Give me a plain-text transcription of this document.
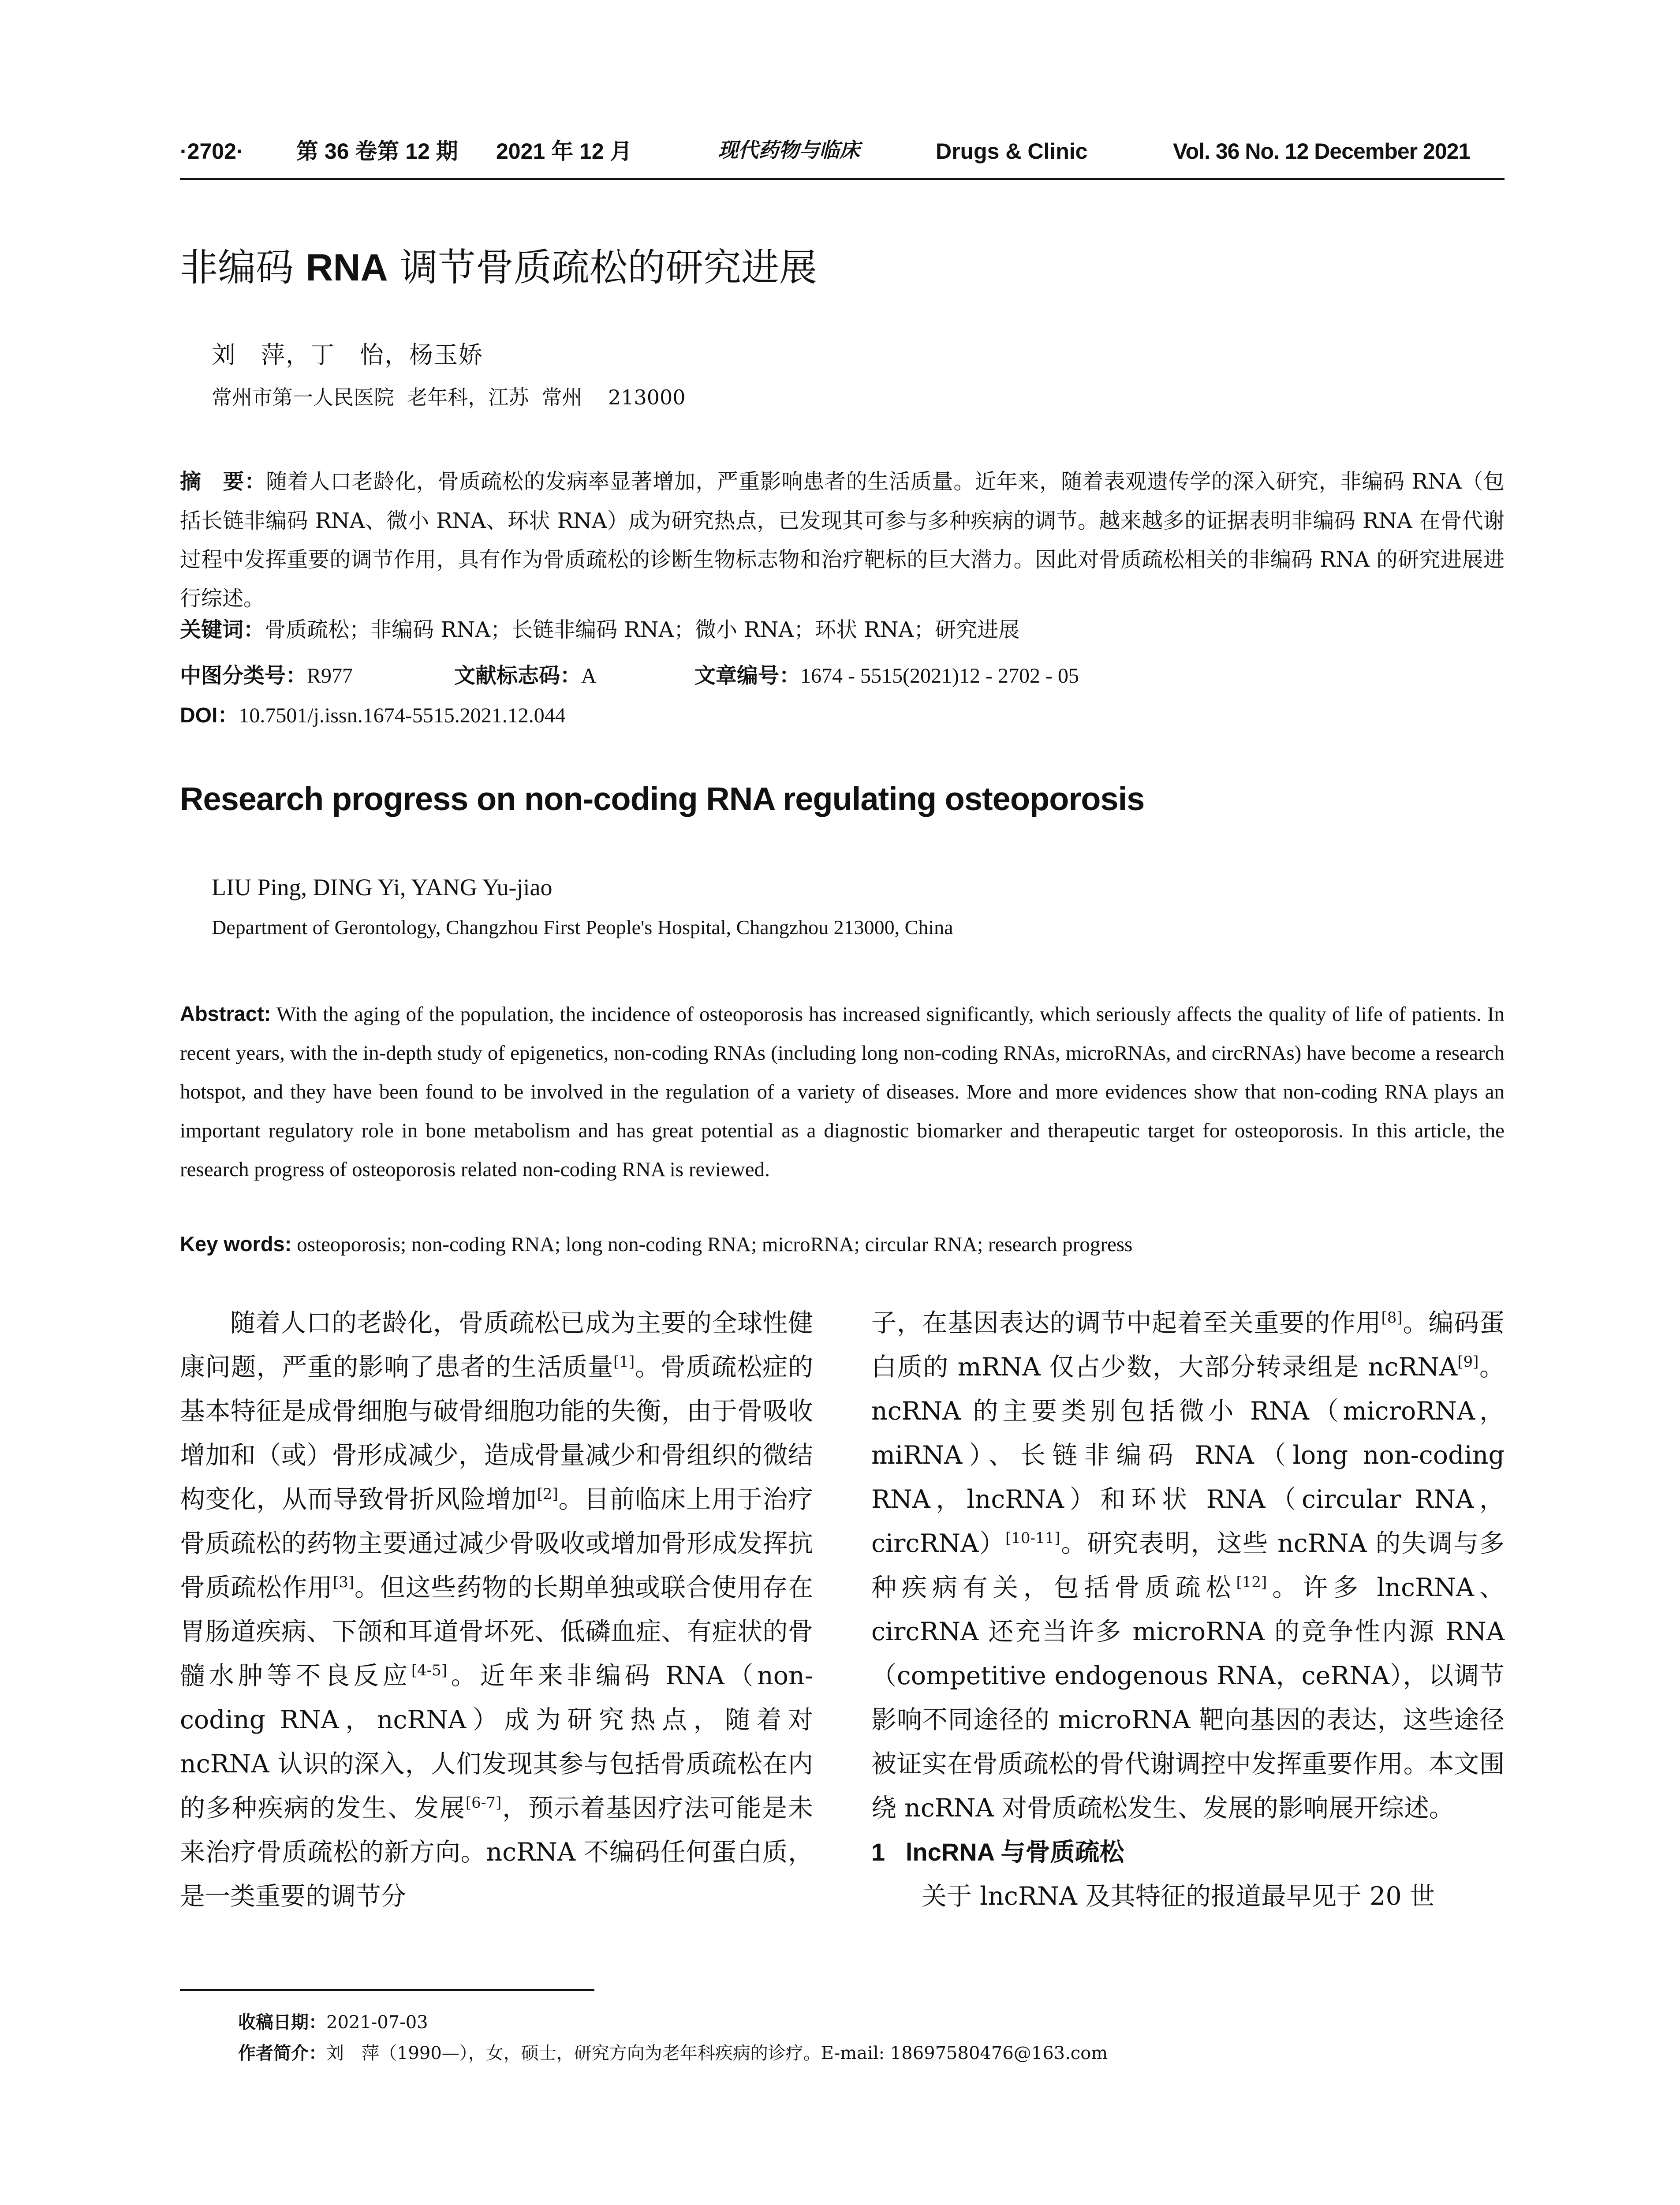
·2702· 第 36 卷第 12 期 2021 年 12 月	现代药物与临床	Drugs & Clinic	Vol. 36 No. 12 December 2021
非编码 RNA 调节骨质疏松的研究进展
刘　萍，丁　怡，杨玉娇
常州市第一人民医院  老年科，江苏  常州    213000
摘　要：随着人口老龄化，骨质疏松的发病率显著增加，严重影响患者的生活质量。近年来，随着表观遗传学的深入研究，非编码 RNA（包括长链非编码 RNA、微小 RNA、环状 RNA）成为研究热点，已发现其可参与多种疾病的调节。越来越多的证据表明非编码 RNA 在骨代谢过程中发挥重要的调节作用，具有作为骨质疏松的诊断生物标志物和治疗靶标的巨大潜力。因此对骨质疏松相关的非编码 RNA 的研究进展进行综述。
关键词：骨质疏松；非编码 RNA；长链非编码 RNA；微小 RNA；环状 RNA；研究进展
中图分类号：R977	文献标志码：A	文章编号：1674 - 5515(2021)12 - 2702 - 05
DOI：10.7501/j.issn.1674-5515.2021.12.044
Research progress on non-coding RNA regulating osteoporosis
LIU Ping, DING Yi, YANG Yu-jiao
Department of Gerontology, Changzhou First People's Hospital, Changzhou 213000, China
Abstract: With the aging of the population, the incidence of osteoporosis has increased significantly, which seriously affects the quality of life of patients. In recent years, with the in-depth study of epigenetics, non-coding RNAs (including long non-coding RNAs, microRNAs, and circRNAs) have become a research hotspot, and they have been found to be involved in the regulation of a variety of diseases. More and more evidences show that non-coding RNA plays an important regulatory role in bone metabolism and has great potential as a diagnostic biomarker and therapeutic target for osteoporosis. In this article, the research progress of osteoporosis related non-coding RNA is reviewed.
Key words: osteoporosis; non-coding RNA; long non-coding RNA; microRNA; circular RNA; research progress

随着人口的老龄化，骨质疏松已成为主要的全球性健康问题，严重的影响了患者的生活质量[1]。骨质疏松症的基本特征是成骨细胞与破骨细胞功能的失衡，由于骨吸收增加和（或）骨形成减少，造成骨量减少和骨组织的微结构变化，从而导致骨折风险增加[2]。目前临床上用于治疗骨质疏松的药物主要通过减少骨吸收或增加骨形成发挥抗骨质疏松作用[3]。但这些药物的长期单独或联合使用存在胃肠道疾病、下颌和耳道骨坏死、低磷血症、有症状的骨髓水肿等不良反应[4-5]。近年来非编码 RNA（non-coding RNA，ncRNA）成为研究热点，随着对 ncRNA 认识的深入，人们发现其参与包括骨质疏松在内的多种疾病的发生、发展[6-7]，预示着基因疗法可能是未来治疗骨质疏松的新方向。ncRNA 不编码任何蛋白质，是一类重要的调节分

子，在基因表达的调节中起着至关重要的作用[8]。编码蛋白质的 mRNA 仅占少数，大部分转录组是 ncRNA[9]。ncRNA 的主要类别包括微小 RNA（microRNA，miRNA）、长链非编码 RNA（long non-coding RNA，lncRNA）和环状 RNA（circular RNA，circRNA）[10-11]。研究表明，这些 ncRNA 的失调与多种疾病有关，包括骨质疏松[12]。许多 lncRNA、circRNA 还充当许多 microRNA 的竞争性内源 RNA（competitive endogenous RNA，ceRNA），以调节影响不同途径的 microRNA 靶向基因的表达，这些途径被证实在骨质疏松的骨代谢调控中发挥重要作用。本文围绕 ncRNA 对骨质疏松发生、发展的影响展开综述。

1 lncRNA 与骨质疏松

关于 lncRNA 及其特征的报道最早见于 20 世

收稿日期：2021-07-03
作者简介：刘　萍（1990—），女，硕士，研究方向为老年科疾病的诊疗。E-mail: 18697580476@163.com
